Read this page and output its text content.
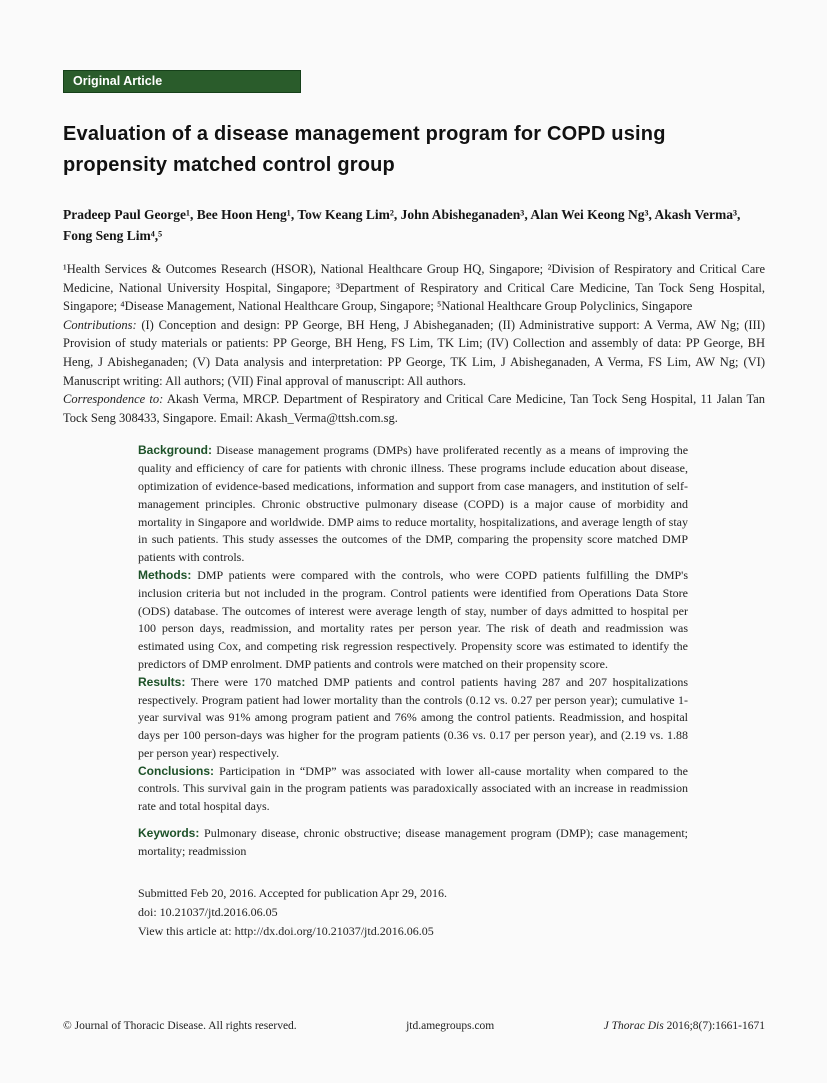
Original Article
Evaluation of a disease management program for COPD using propensity matched control group
Pradeep Paul George¹, Bee Hoon Heng¹, Tow Keang Lim², John Abisheganaden³, Alan Wei Keong Ng³, Akash Verma³, Fong Seng Lim⁴,⁵

¹Health Services & Outcomes Research (HSOR), National Healthcare Group HQ, Singapore; ²Division of Respiratory and Critical Care Medicine, National University Hospital, Singapore; ³Department of Respiratory and Critical Care Medicine, Tan Tock Seng Hospital, Singapore; ⁴Disease Management, National Healthcare Group, Singapore; ⁵National Healthcare Group Polyclinics, Singapore

Contributions: (I) Conception and design: PP George, BH Heng, J Abisheganaden; (II) Administrative support: A Verma, AW Ng; (III) Provision of study materials or patients: PP George, BH Heng, FS Lim, TK Lim; (IV) Collection and assembly of data: PP George, BH Heng, J Abisheganaden; (V) Data analysis and interpretation: PP George, TK Lim, J Abisheganaden, A Verma, FS Lim, AW Ng; (VI) Manuscript writing: All authors; (VII) Final approval of manuscript: All authors.

Correspondence to: Akash Verma, MRCP. Department of Respiratory and Critical Care Medicine, Tan Tock Seng Hospital, 11 Jalan Tan Tock Seng 308433, Singapore. Email: Akash_Verma@ttsh.com.sg.

Background: Disease management programs (DMPs) have proliferated recently as a means of improving the quality and efficiency of care for patients with chronic illness. These programs include education about disease, optimization of evidence-based medications, information and support from case managers, and institution of self-management principles. Chronic obstructive pulmonary disease (COPD) is a major cause of morbidity and mortality in Singapore and worldwide. DMP aims to reduce mortality, hospitalizations, and average length of stay in such patients. This study assesses the outcomes of the DMP, comparing the propensity score matched DMP patients with controls.

Methods: DMP patients were compared with the controls, who were COPD patients fulfilling the DMP's inclusion criteria but not included in the program. Control patients were identified from Operations Data Store (ODS) database. The outcomes of interest were average length of stay, number of days admitted to hospital per 100 person days, readmission, and mortality rates per person year. The risk of death and readmission was estimated using Cox, and competing risk regression respectively. Propensity score was estimated to identify the predictors of DMP enrolment. DMP patients and controls were matched on their propensity score.

Results: There were 170 matched DMP patients and control patients having 287 and 207 hospitalizations respectively. Program patient had lower mortality than the controls (0.12 vs. 0.27 per person year); cumulative 1-year survival was 91% among program patient and 76% among the control patients. Readmission, and hospital days per 100 person-days was higher for the program patients (0.36 vs. 0.17 per person year), and (2.19 vs. 1.88 per person year) respectively.

Conclusions: Participation in “DMP” was associated with lower all-cause mortality when compared to the controls. This survival gain in the program patients was paradoxically associated with an increase in readmission rate and total hospital days.

Keywords: Pulmonary disease, chronic obstructive; disease management program (DMP); case management; mortality; readmission

Submitted Feb 20, 2016. Accepted for publication Apr 29, 2016.

doi: 10.21037/jtd.2016.06.05

View this article at: http://dx.doi.org/10.21037/jtd.2016.06.05

© Journal of Thoracic Disease. All rights reserved.	jtd.amegroups.com	J Thorac Dis 2016;8(7):1661-1671
